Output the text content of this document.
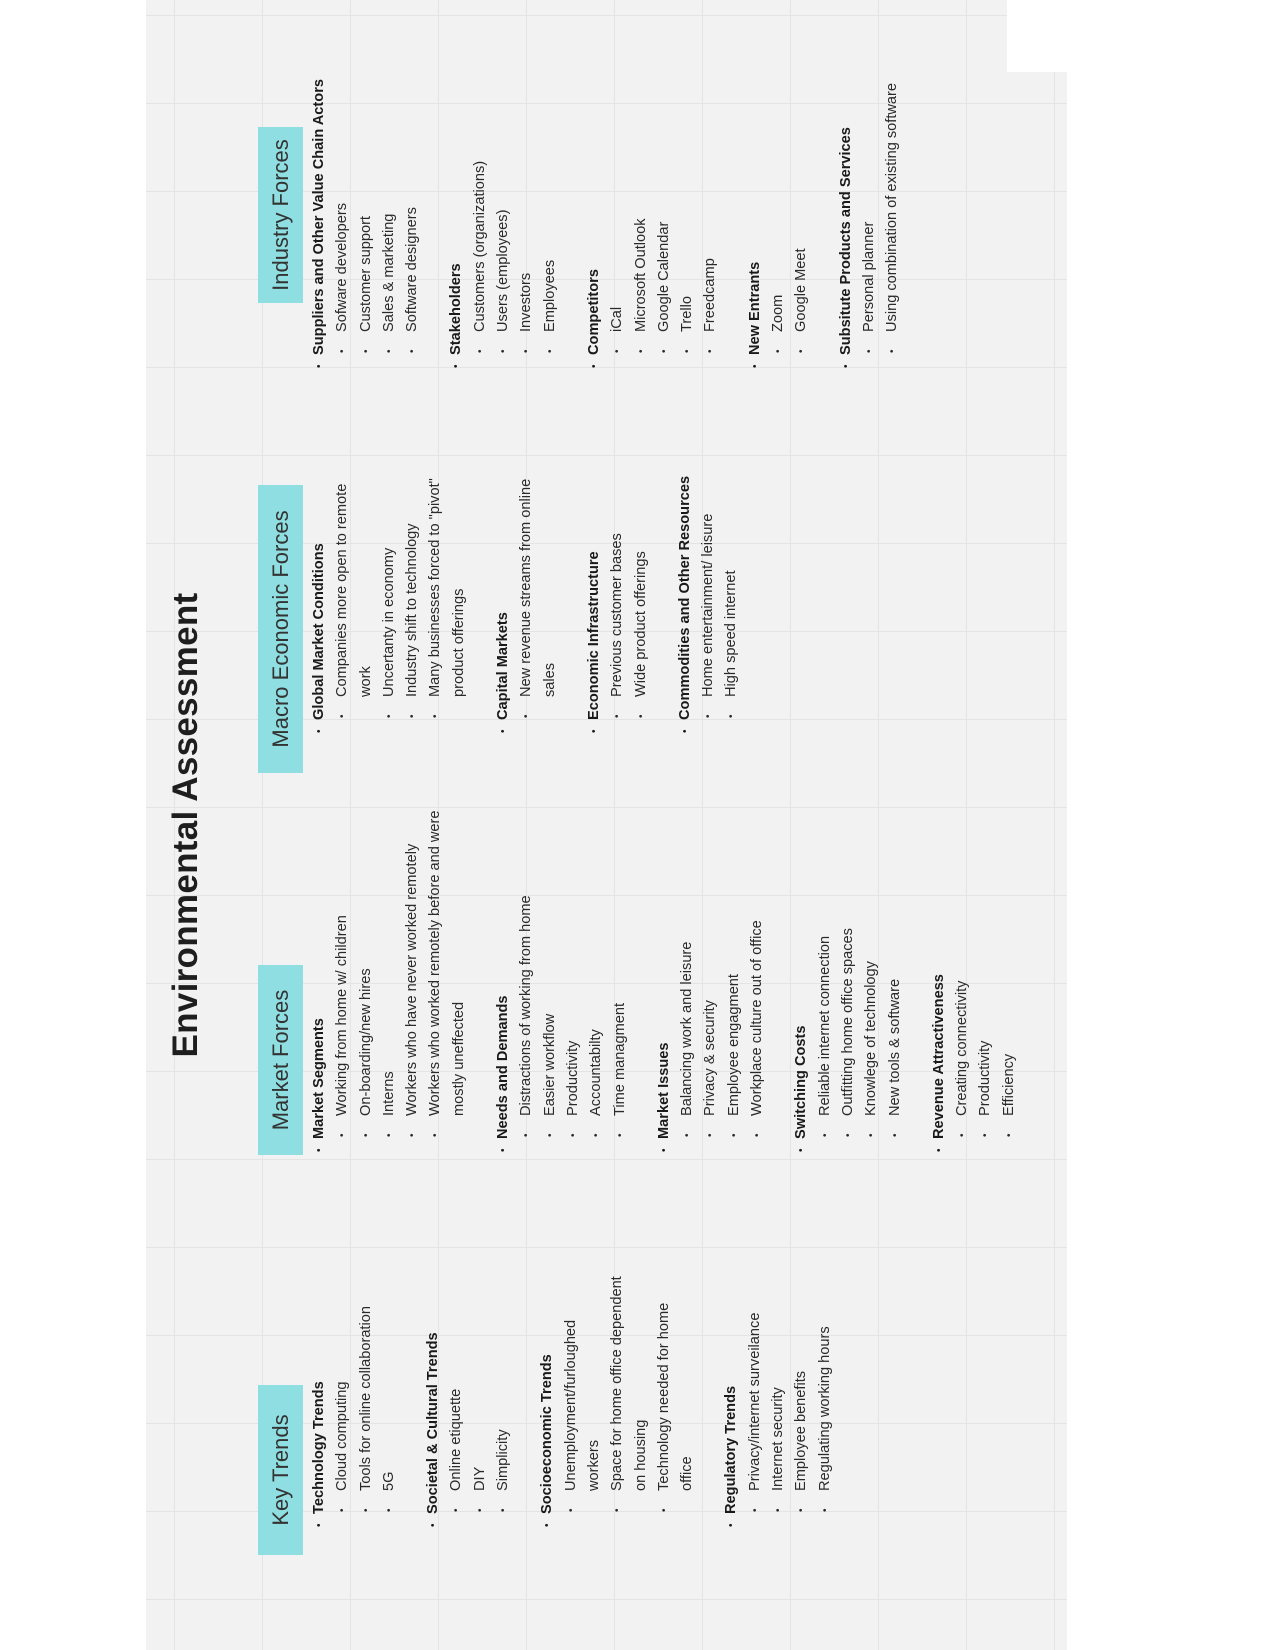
Environmental Assessment
Key Trends
Market Forces
Macro Economic Forces
Industry Forces
• Technology Trends • Cloud computing • Tools for online collaboration • 5G • Societal & Cultural Trends • Online etiquette • DIY • Simplicity • Socioeconomic Trends • Unemployment/furloughed workers • Space for home office dependent on housing • Technology needed for home office • Regulatory Trends • Privacy/internet surveilance • Internet security • Employee benefits • Regulating working hours
• Market Segments • Working from home w/ children • On-boarding/new hires • Interns • Workers who have never worked remotely • Workers who worked remotely before and were mostly uneffected • Needs and Demands • Distractions of working from home • Easier workflow • Productivity • Accountabilty • Time managment • Market Issues • Balancing work and leisure • Privacy & security • Employee engagment • Workplace culture out of office • Switching Costs • Reliable internet connection • Outfitting home office spaces • Knowlege of technology • New tools & software • Revenue Attractiveness • Creating connectivity • Productivity • Efficiency
• Global Market Conditions • Companies more open to remote work • Uncertanty in economy • Industry shift to technology • Many businesses forced to "pivot" product offerings • Capital Markets • New revenue streams from online sales • Economic Infrastructure • Previous customer bases • Wide product offerings • Commodities and Other Resources • Home entertainment/ leisure • High speed internet
• Suppliers and Other Value Chain Actors • Sofware developers • Customer support • Sales & marketing • Software designers • Stakeholders • Customers (organizations) • Users (employees) • Investors • Employees • Competitors • iCal • Microsoft Outlook • Google Calendar • Trello • Freedcamp • New Entrants • Zoom • Google Meet • Subsitute Products and Services • Personal planner • Using combination of existing software
